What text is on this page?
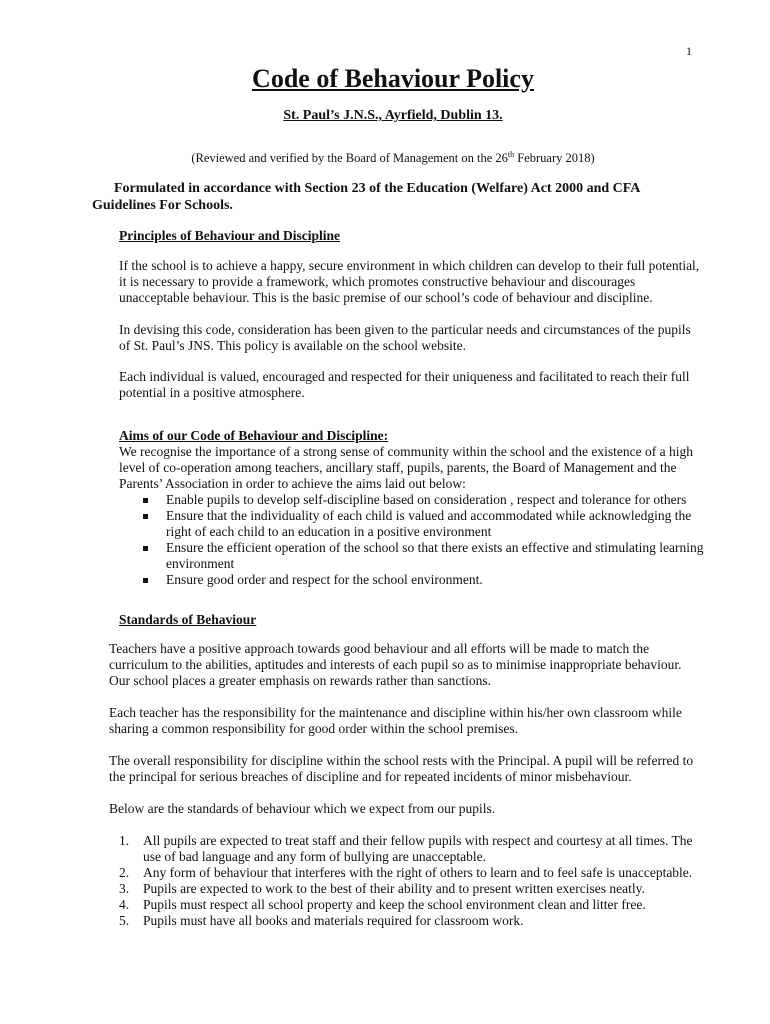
1
Code of Behaviour Policy
St. Paul’s J.N.S., Ayrfield, Dublin 13.
(Reviewed and verified by the Board of Management on the 26th February 2018)
Formulated in accordance with Section 23 of the Education (Welfare) Act 2000 and CFA
Guidelines For Schools.
Principles of Behaviour and Discipline
If the school is to achieve a happy, secure environment in which children can develop to their full potential, it is necessary to provide a framework, which promotes constructive behaviour and discourages unacceptable behaviour. This is the basic premise of our school’s code of behaviour and discipline.
In devising this code, consideration has been given to the particular needs and circumstances of the pupils of St. Paul’s JNS. This policy is available on the school website.
Each individual is valued, encouraged and respected for their uniqueness and facilitated to reach their full potential in a positive atmosphere.
Aims of our Code of Behaviour and Discipline:
We recognise the importance of a strong sense of community within the school and the existence of a high level of co-operation among teachers, ancillary staff, pupils, parents, the Board of Management and the Parents’ Association in order to achieve the aims laid out below:
Enable pupils to develop self-discipline based on consideration , respect and tolerance for others
Ensure that the individuality of each child is valued and accommodated while acknowledging the right of each child to an education in a positive environment
Ensure the efficient operation of the school so that there exists an effective and stimulating learning environment
Ensure good order and respect for the school environment.
Standards of Behaviour
Teachers have a positive approach towards good behaviour and all efforts will be made to match the curriculum to the abilities, aptitudes and interests of each pupil so as to minimise inappropriate behaviour. Our school places a greater emphasis on rewards rather than sanctions.
Each teacher has the responsibility for the maintenance and discipline within his/her own classroom while sharing a common responsibility for good order within the school premises.
The overall responsibility for discipline within the school rests with the Principal. A pupil will be referred to the principal for serious breaches of discipline and for repeated incidents of minor misbehaviour.
Below are the standards of behaviour which we expect from our pupils.
1. All pupils are expected to treat staff and their fellow pupils with respect and courtesy at all times. The use of bad language and any form of bullying are unacceptable.
2. Any form of behaviour that interferes with the right of others to learn and to feel safe is unacceptable.
3. Pupils are expected to work to the best of their ability and to present written exercises neatly.
4. Pupils must respect all school property and keep the school environment clean and litter free.
5. Pupils must have all books and materials required for classroom work.
